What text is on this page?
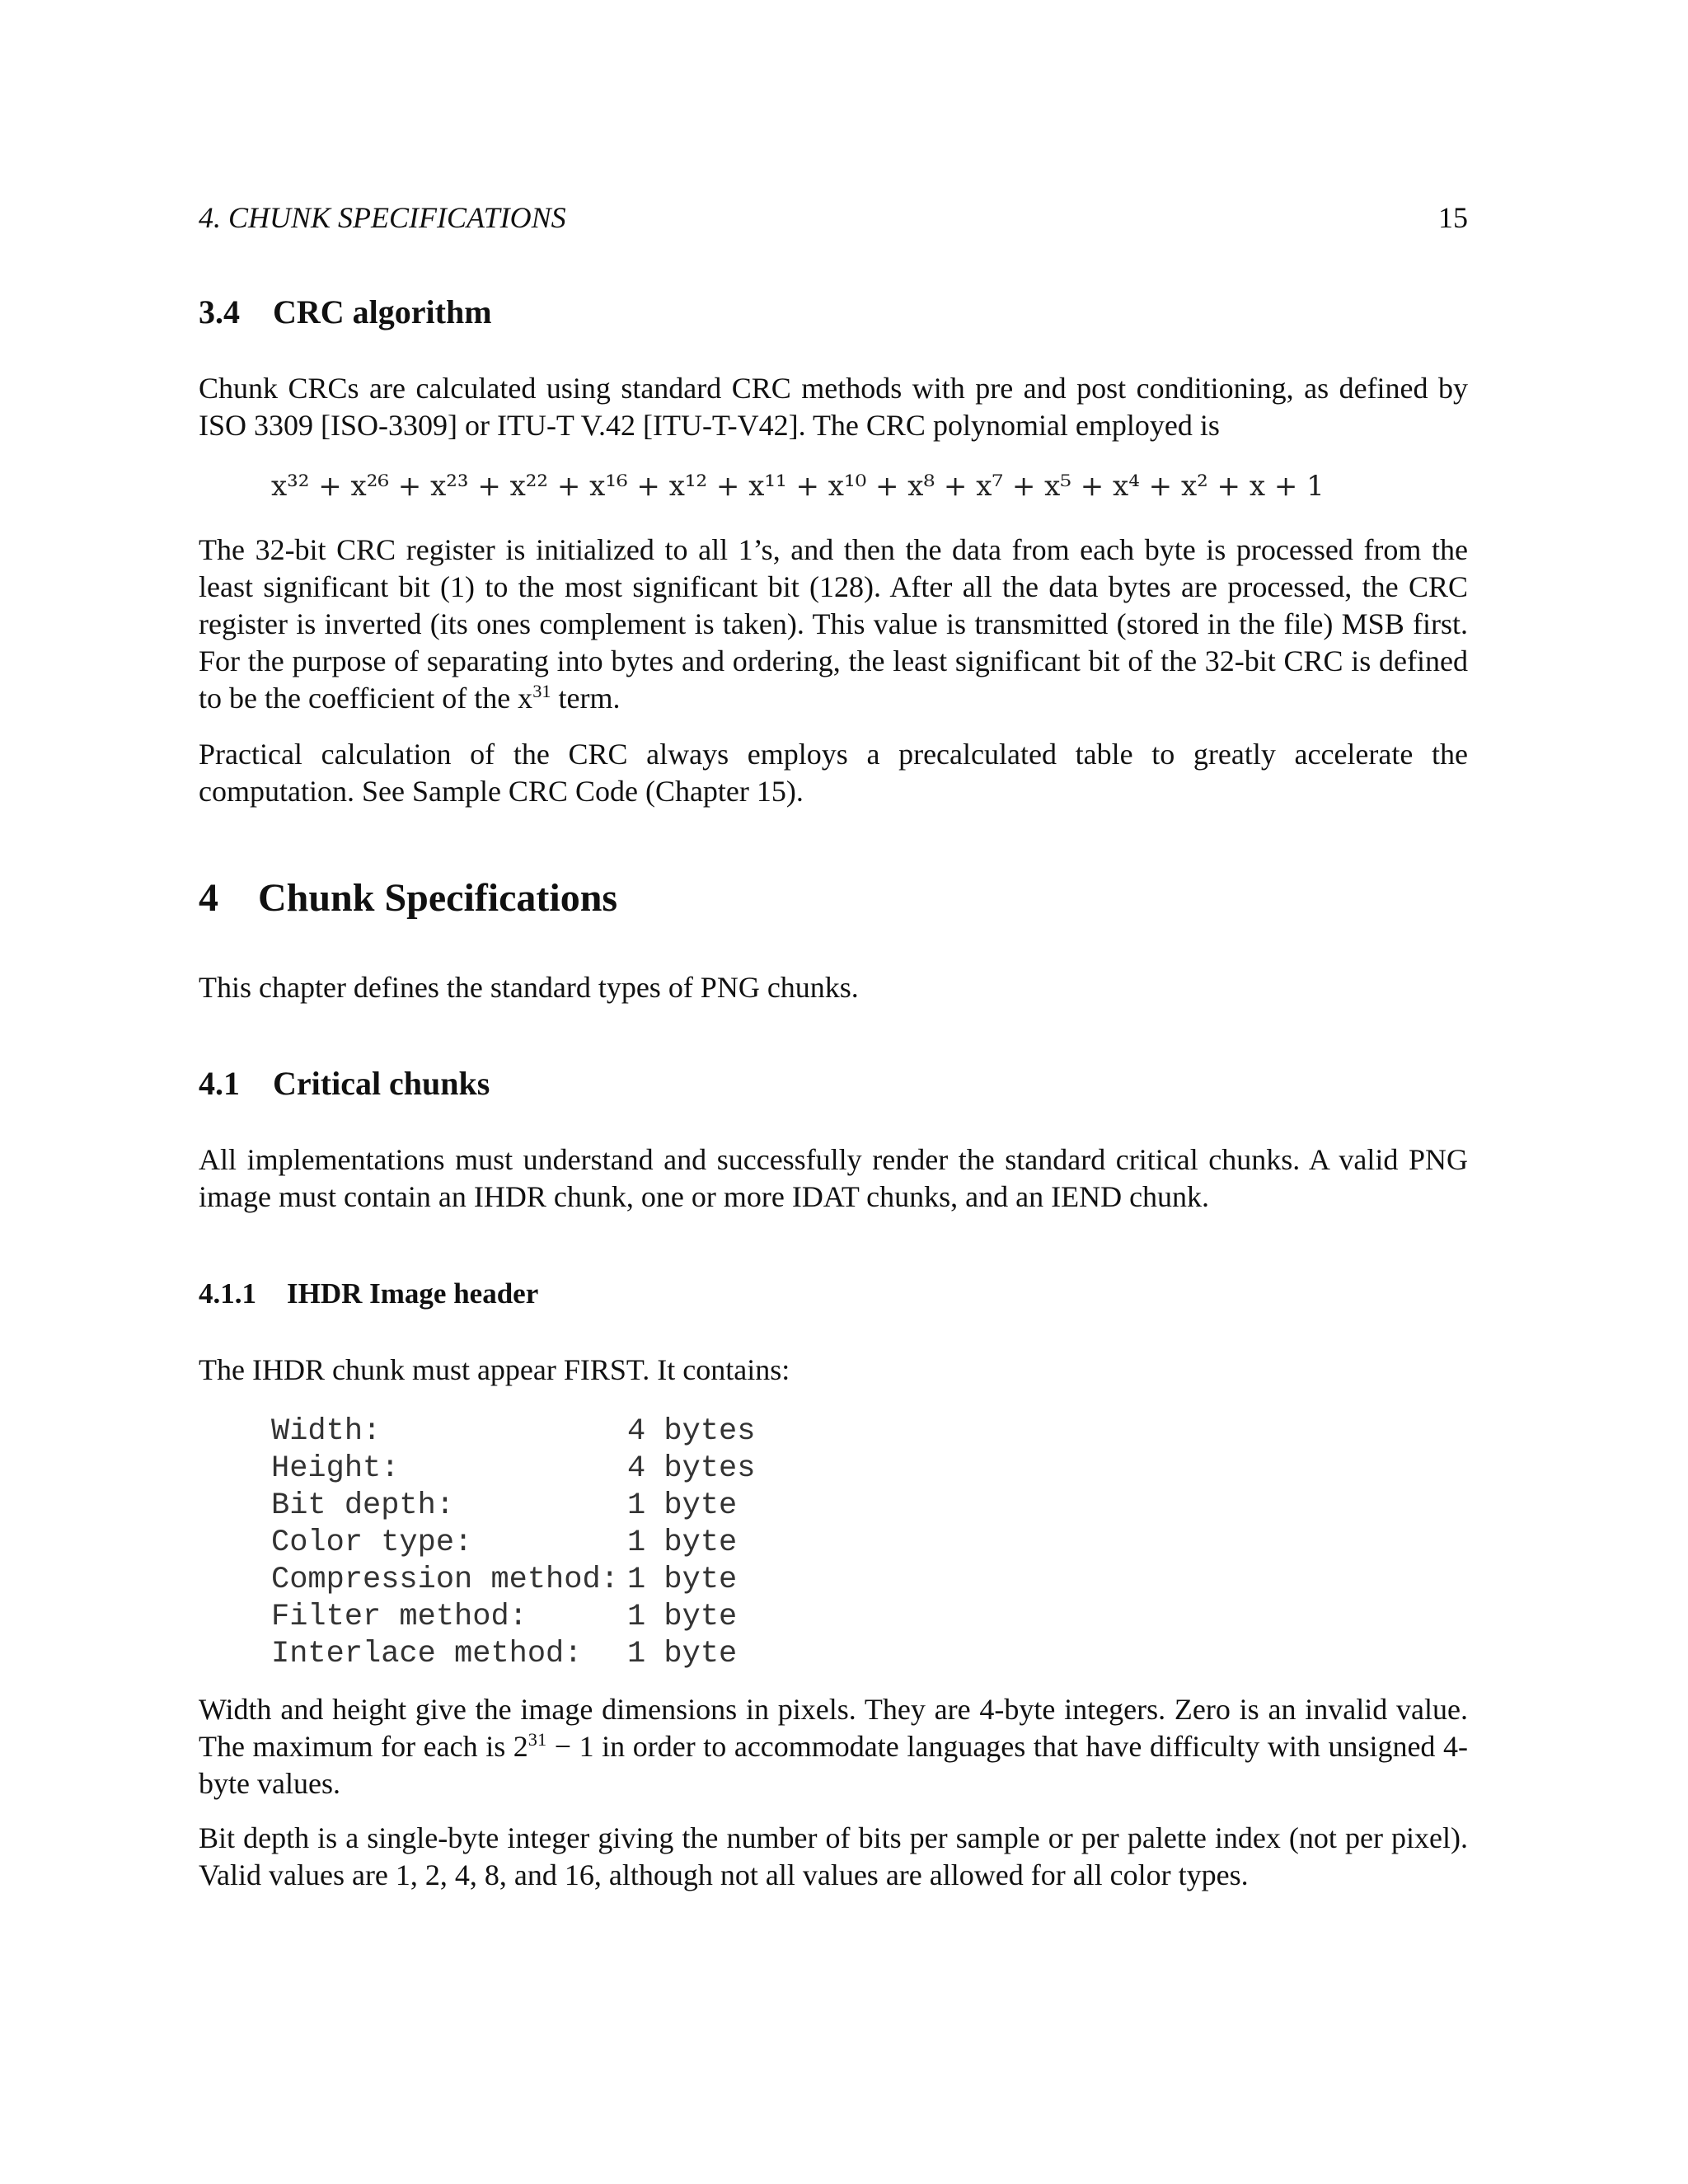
4. CHUNK SPECIFICATIONS	15
3.4 CRC algorithm

Chunk CRCs are calculated using standard CRC methods with pre and post conditioning, as defined by ISO 3309 [ISO-3309] or ITU-T V.42 [ITU-T-V42]. The CRC polynomial employed is

x³² + x²⁶ + x²³ + x²² + x¹⁶ + x¹² + x¹¹ + x¹⁰ + x⁸ + x⁷ + x⁵ + x⁴ + x² + x + 1

The 32-bit CRC register is initialized to all 1’s, and then the data from each byte is processed from the least significant bit (1) to the most significant bit (128). After all the data bytes are processed, the CRC register is inverted (its ones complement is taken). This value is transmitted (stored in the file) MSB first. For the purpose of separating into bytes and ordering, the least significant bit of the 32-bit CRC is defined to be the coefficient of the $x^{31}$ term.

Practical calculation of the CRC always employs a precalculated table to greatly accelerate the computation. See Sample CRC Code (Chapter 15).

4 Chunk Specifications

This chapter defines the standard types of PNG chunks.

4.1 Critical chunks

All implementations must understand and successfully render the standard critical chunks. A valid PNG image must contain an IHDR chunk, one or more IDAT chunks, and an IEND chunk.

4.1.1 IHDR Image header

The IHDR chunk must appear FIRST. It contains:

Width:	4 bytes
Height:	4 bytes
Bit depth:	1 byte
Color type:	1 byte
Compression method: 1 byte
Filter method:	1 byte
Interlace method:	1 byte

Width and height give the image dimensions in pixels. They are 4-byte integers. Zero is an invalid value. The maximum for each is $2^{31} - 1$ in order to accommodate languages that have difficulty with unsigned 4-byte values.

Bit depth is a single-byte integer giving the number of bits per sample or per palette index (not per pixel). Valid values are 1, 2, 4, 8, and 16, although not all values are allowed for all color types.
